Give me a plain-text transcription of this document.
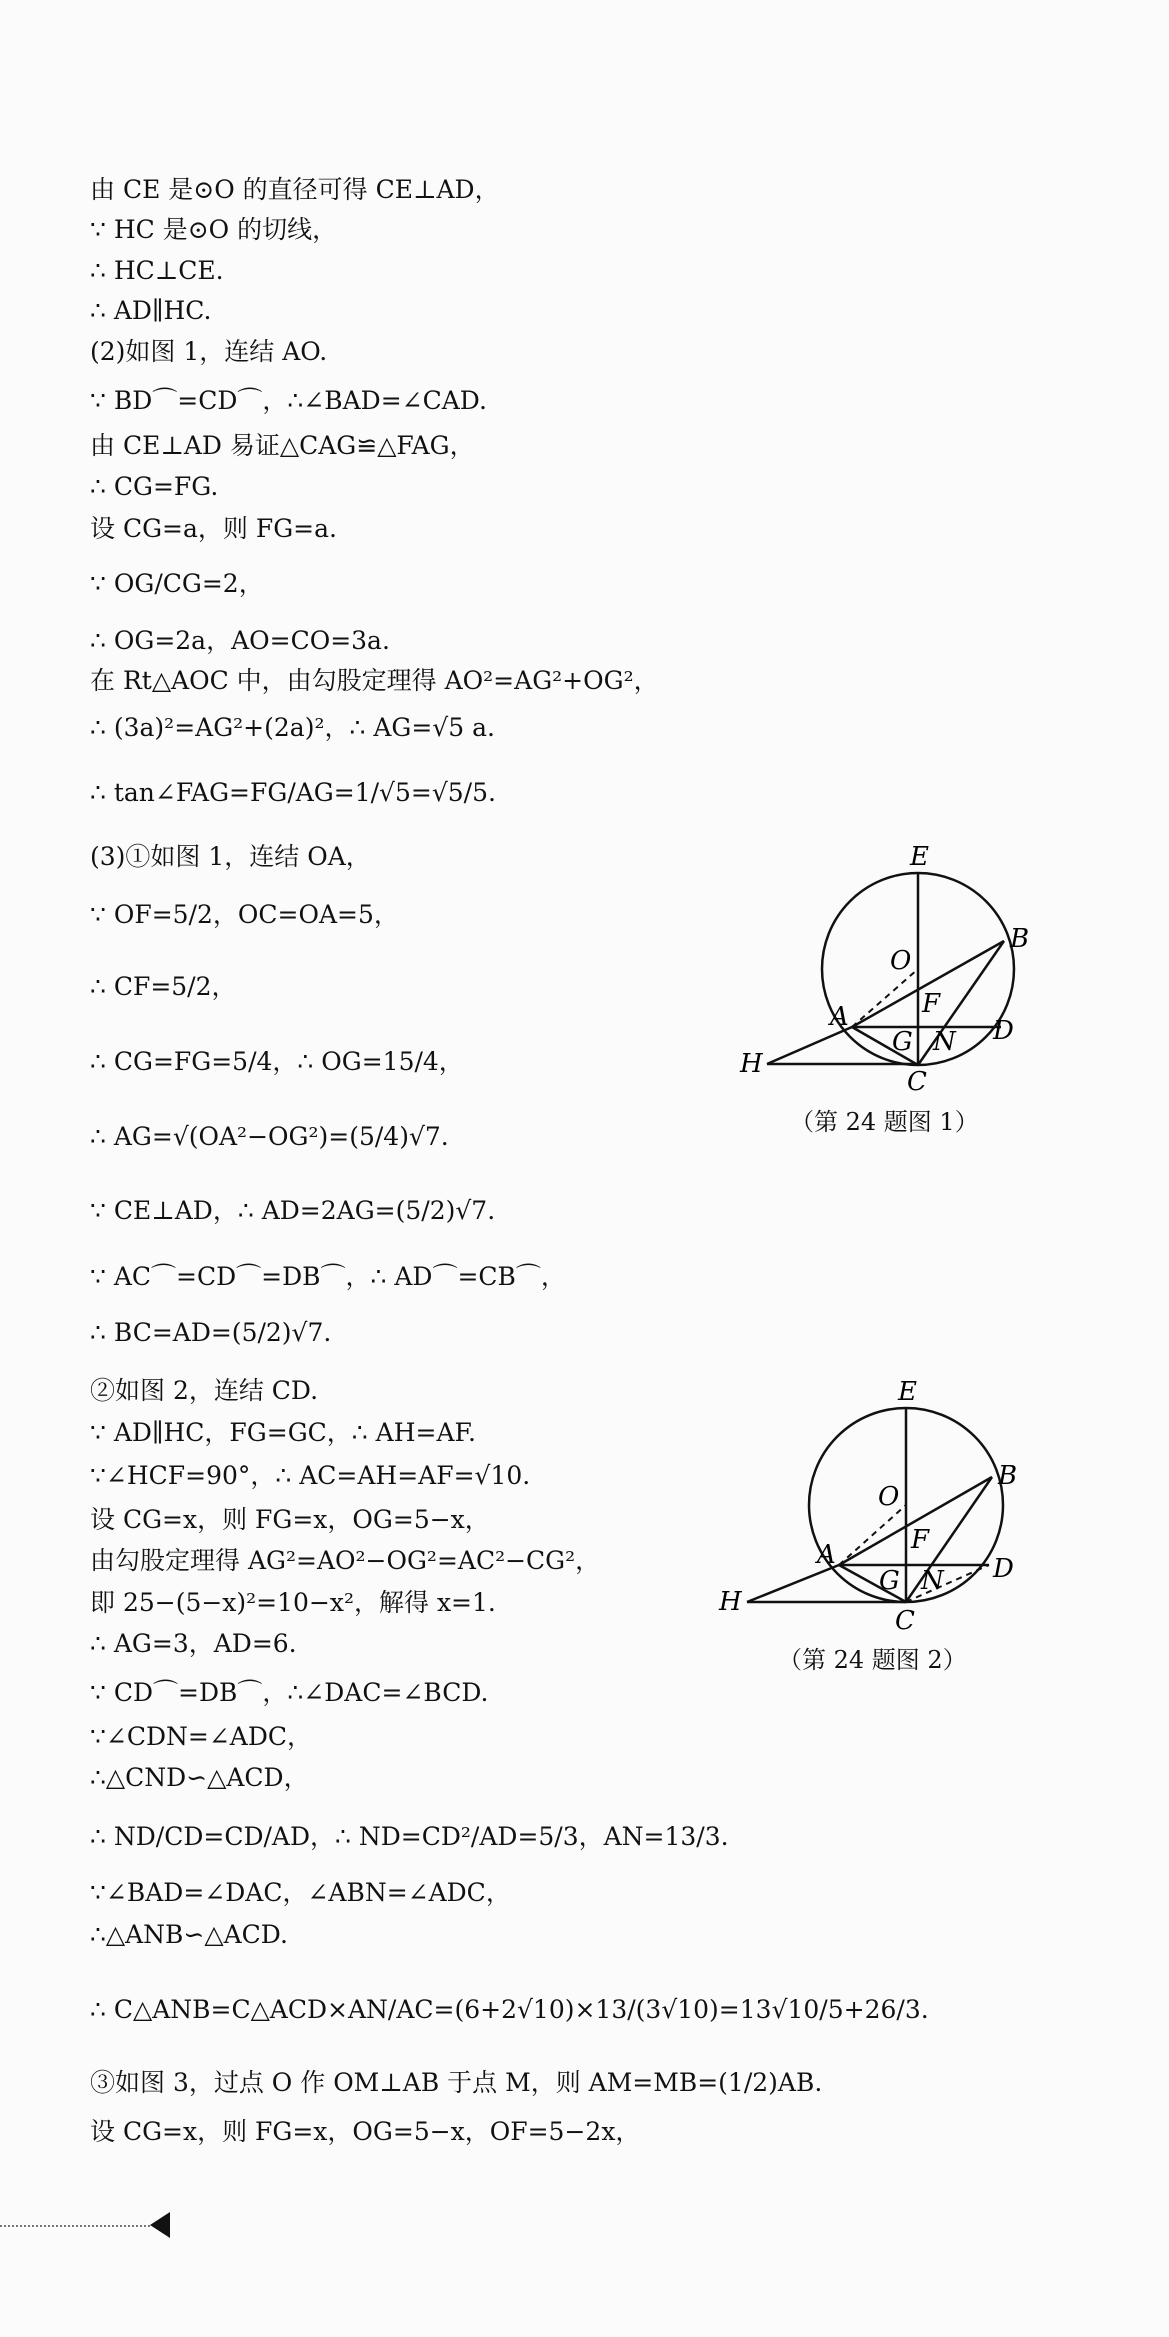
由 CE 是⊙O 的直径可得 CE⊥AD，
∵ HC 是⊙O 的切线，
∴ HC⊥CE.
∴ AD∥HC.
(2)如图 1，连结 AO.
∵ BD⌒=CD⌒，∴∠BAD=∠CAD.
由 CE⊥AD 易证△CAG≌△FAG，
∴ CG=FG.
设 CG=a，则 FG=a.
∵ OG/CG=2，
∴ OG=2a，AO=CO=3a.
在 Rt△AOC 中，由勾股定理得 AO²=AG²+OG²，
∴ (3a)²=AG²+(2a)²，∴ AG=√5 a.
∴ tan∠FAG=FG/AG=1/√5=√5/5.
(3)①如图 1，连结 OA，
∵ OF=5/2，OC=OA=5，
∴ CF=5/2，
∴ CG=FG=5/4，∴ OG=15/4，
∴ AG=√(OA²−OG²)=(5/4)√7.
∵ CE⊥AD，∴ AD=2AG=(5/2)√7.
∵ AC⌒=CD⌒=DB⌒，∴ AD⌒=CB⌒，
∴ BC=AD=(5/2)√7.
②如图 2，连结 CD.
∵ AD∥HC，FG=GC，∴ AH=AF.
∵∠HCF=90°，∴ AC=AH=AF=√10.
设 CG=x，则 FG=x，OG=5−x，
由勾股定理得 AG²=AO²−OG²=AC²−CG²，
即 25−(5−x)²=10−x²，解得 x=1.
∴ AG=3，AD=6.
∵ CD⌒=DB⌒，∴∠DAC=∠BCD.
∵∠CDN=∠ADC，
∴△CND∽△ACD，
∴ ND/CD=CD/AD，∴ ND=CD²/AD=5/3，AN=13/3.
∵∠BAD=∠DAC，∠ABN=∠ADC，
∴△ANB∽△ACD.
∴ C△ANB=C△ACD×AN/AC=(6+2√10)×13/(3√10)=13√10/5+26/3.
③如图 3，过点 O 作 OM⊥AB 于点 M，则 AM=MB=(1/2)AB.
设 CG=x，则 FG=x，OG=5−x，OF=5−2x，
E
O
B
F
A
G N D
H
C
（第 24 题图 1）
E
O
B
F
A
G N D
H
C
（第 24 题图 2）
